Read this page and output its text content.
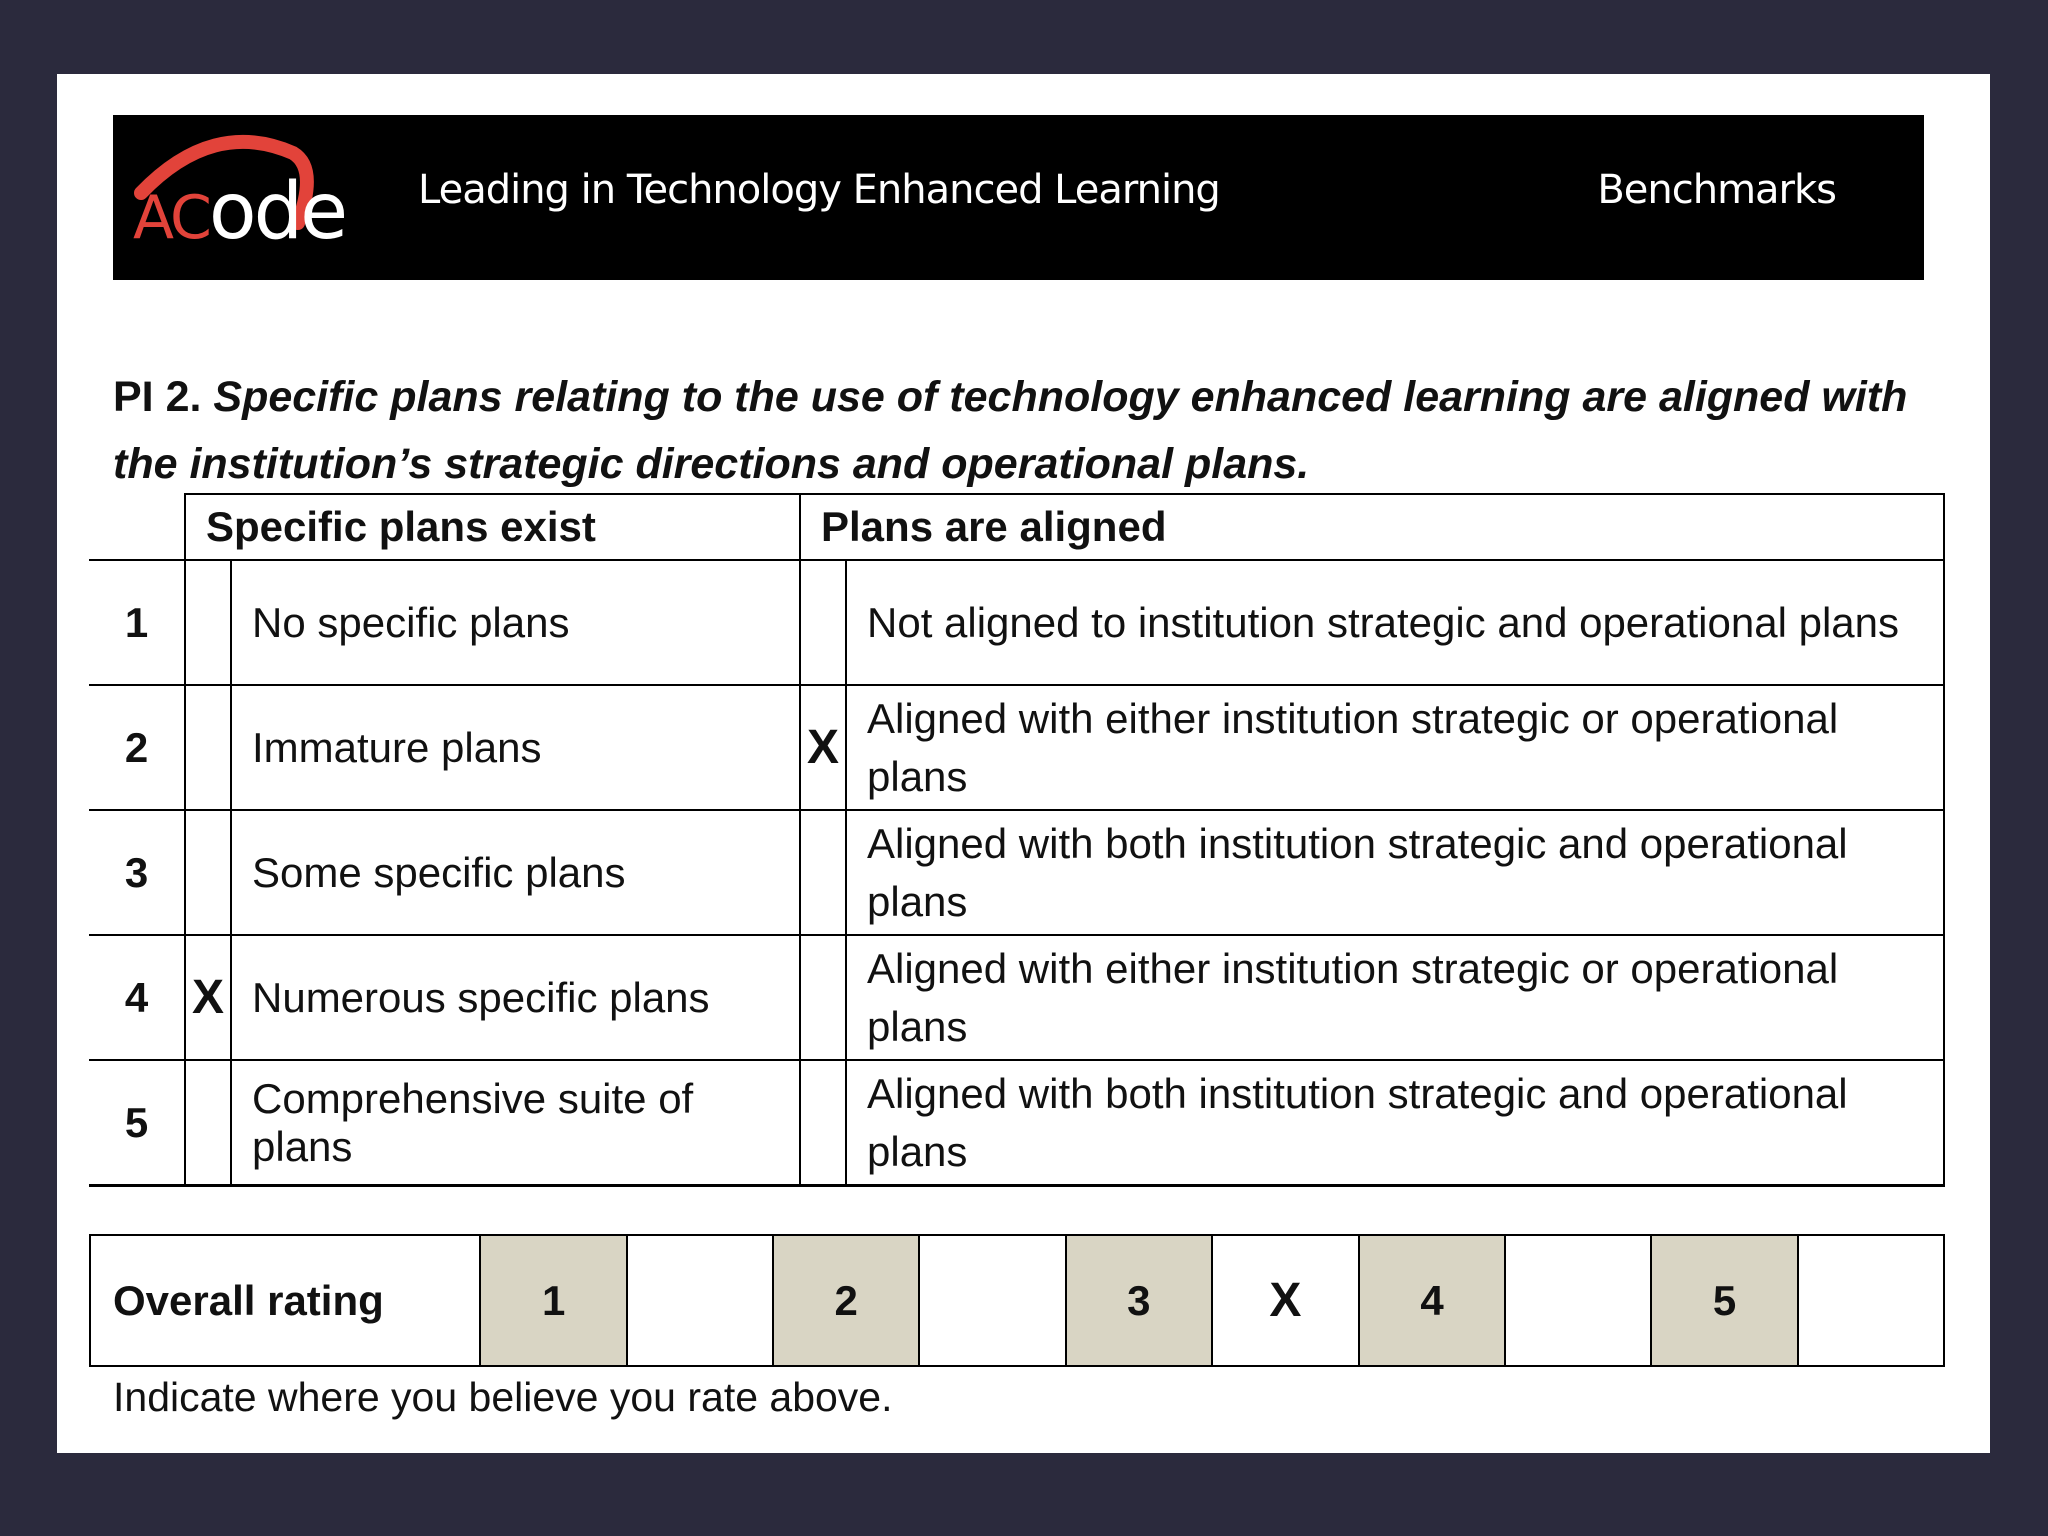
ACode Leading in Technology Enhanced Learning	Benchmarks
PI 2. Specific plans relating to the use of technology enhanced learning are aligned with the institution’s strategic directions and operational plans.
	Specific plans exist		Plans are aligned	
1		No specific plans		Not aligned to institution strategic and operational plans
2		Immature plans	X	Aligned with either institution strategic or operational plans
3		Some specific plans		Aligned with both institution strategic and operational plans
4	X	Numerous specific plans		Aligned with either institution strategic or operational plans
5		Comprehensive suite of plans		Aligned with both institution strategic and operational plans
Overall rating	1		2		3	X	4		5	
Indicate where you believe you rate above.
